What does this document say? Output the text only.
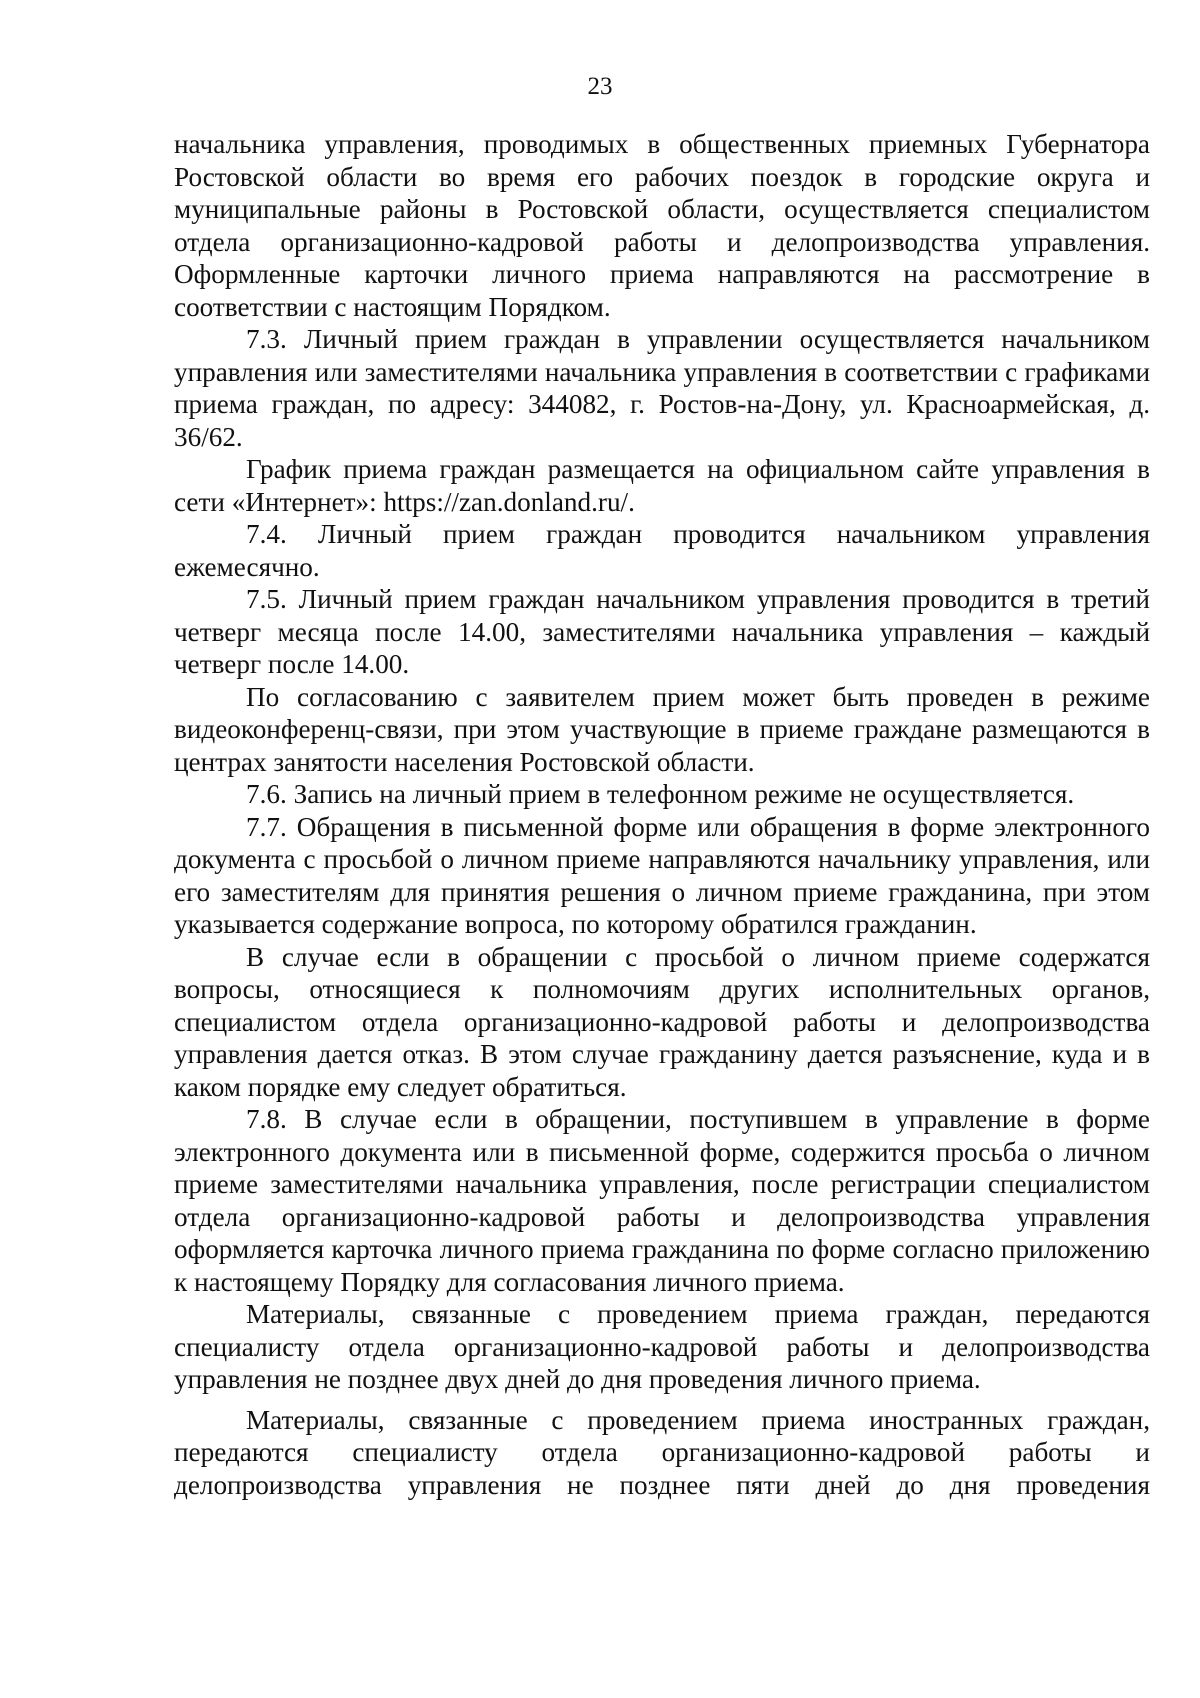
23

начальника управления, проводимых в общественных приемных Губернатора Ростовской области во время его рабочих поездок в городские округа и муниципальные районы в Ростовской области, осуществляется специалистом отдела организационно-кадровой работы и делопроизводства управления. Оформленные карточки личного приема направляются на рассмотрение в соответствии с настоящим Порядком.

7.3. Личный прием граждан в управлении осуществляется начальником управления или заместителями начальника управления в соответствии с графиками приема граждан, по адресу: 344082, г. Ростов-на-Дону, ул. Красноармейская, д. 36/62.

График приема граждан размещается на официальном сайте управления в сети «Интернет»: https://zan.donland.ru/.

7.4. Личный прием граждан проводится начальником управления ежемесячно.

7.5. Личный прием граждан начальником управления проводится в третий четверг месяца после 14.00, заместителями начальника управления – каждый четверг после 14.00.

По согласованию с заявителем прием может быть проведен в режиме видеоконференц-связи, при этом участвующие в приеме граждане размещаются в центрах занятости населения Ростовской области.

7.6. Запись на личный прием в телефонном режиме не осуществляется.

7.7. Обращения в письменной форме или обращения в форме электронного документа с просьбой о личном приеме направляются начальнику управления, или его заместителям для принятия решения о личном приеме гражданина, при этом указывается содержание вопроса, по которому обратился гражданин.

В случае если в обращении с просьбой о личном приеме содержатся вопросы, относящиеся к полномочиям других исполнительных органов, специалистом отдела организационно-кадровой работы и делопроизводства управления дается отказ. В этом случае гражданину дается разъяснение, куда и в каком порядке ему следует обратиться.

7.8. В случае если в обращении, поступившем в управление в форме электронного документа или в письменной форме, содержится просьба о личном приеме заместителями начальника управления, после регистрации специалистом отдела организационно-кадровой работы и делопроизводства управления оформляется карточка личного приема гражданина по форме согласно приложению к настоящему Порядку для согласования личного приема.

Материалы, связанные с проведением приема граждан, передаются специалисту отдела организационно-кадровой работы и делопроизводства управления не позднее двух дней до дня проведения личного приема.

Материалы, связанные с проведением приема иностранных граждан, передаются специалисту отдела организационно-кадровой работы и делопроизводства управления не позднее пяти дней до дня проведения
